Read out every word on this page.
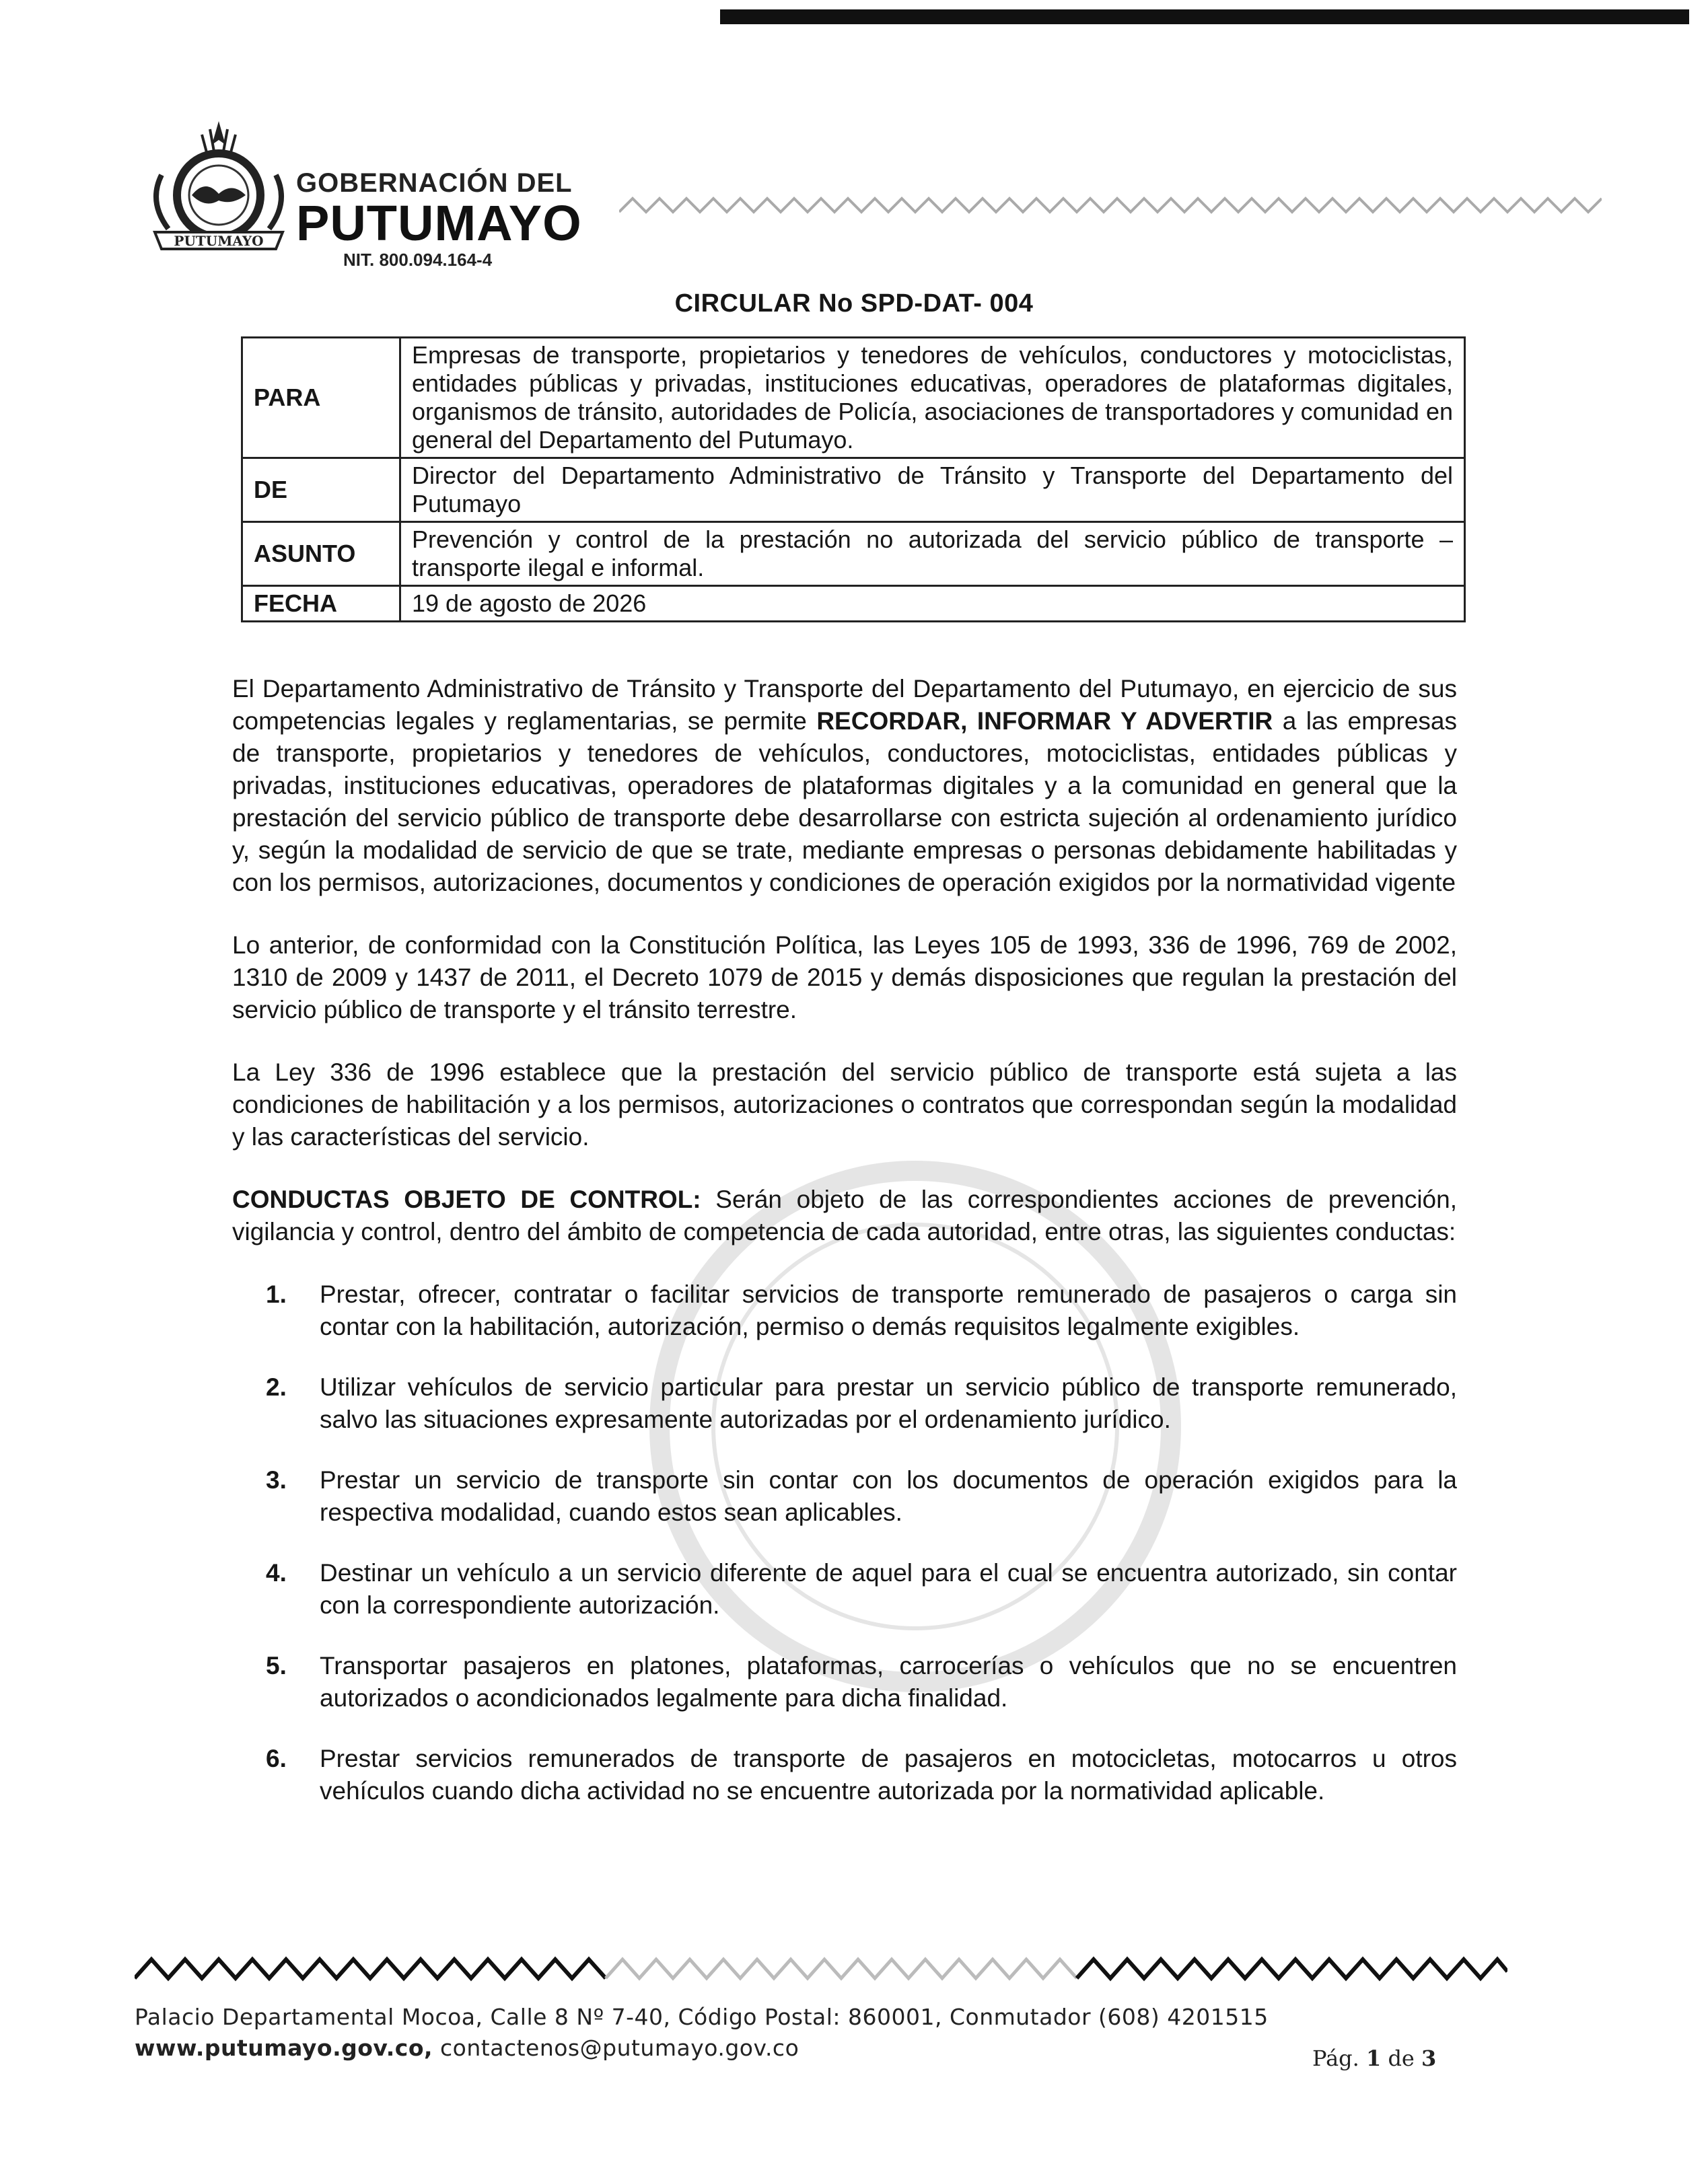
PUTUMAYO
GOBERNACIÓN DEL
PUTUMAYO
NIT. 800.094.164-4
CIRCULAR No SPD-DAT- 004
PARA	Empresas de transporte, propietarios y tenedores de vehículos, conductores y motociclistas, entidades públicas y privadas, instituciones educativas, operadores de plataformas digitales, organismos de tránsito, autoridades de Policía, asociaciones de transportadores y comunidad en general del Departamento del Putumayo.
DE	Director del Departamento Administrativo de Tránsito y Transporte del Departamento del Putumayo
ASUNTO	Prevención y control de la prestación no autorizada del servicio público de transporte – transporte ilegal e informal.
FECHA	19 de agosto de 2026

El Departamento Administrativo de Tránsito y Transporte del Departamento del Putumayo, en ejercicio de sus competencias legales y reglamentarias, se permite RECORDAR, INFORMAR Y ADVERTIR a las empresas de transporte, propietarios y tenedores de vehículos, conductores, motociclistas, entidades públicas y privadas, instituciones educativas, operadores de plataformas digitales y a la comunidad en general que la prestación del servicio público de transporte debe desarrollarse con estricta sujeción al ordenamiento jurídico y, según la modalidad de servicio de que se trate, mediante empresas o personas debidamente habilitadas y con los permisos, autorizaciones, documentos y condiciones de operación exigidos por la normatividad vigente

Lo anterior, de conformidad con la Constitución Política, las Leyes 105 de 1993, 336 de 1996, 769 de 2002, 1310 de 2009 y 1437 de 2011, el Decreto 1079 de 2015 y demás disposiciones que regulan la prestación del servicio público de transporte y el tránsito terrestre.

La Ley 336 de 1996 establece que la prestación del servicio público de transporte está sujeta a las condiciones de habilitación y a los permisos, autorizaciones o contratos que correspondan según la modalidad y las características del servicio.

CONDUCTAS OBJETO DE CONTROL: Serán objeto de las correspondientes acciones de prevención, vigilancia y control, dentro del ámbito de competencia de cada autoridad, entre otras, las siguientes conductas:

1. Prestar, ofrecer, contratar o facilitar servicios de transporte remunerado de pasajeros o carga sin contar con la habilitación, autorización, permiso o demás requisitos legalmente exigibles.
2. Utilizar vehículos de servicio particular para prestar un servicio público de transporte remunerado, salvo las situaciones expresamente autorizadas por el ordenamiento jurídico.
3. Prestar un servicio de transporte sin contar con los documentos de operación exigidos para la respectiva modalidad, cuando estos sean aplicables.
4. Destinar un vehículo a un servicio diferente de aquel para el cual se encuentra autorizado, sin contar con la correspondiente autorización.
5. Transportar pasajeros en platones, plataformas, carrocerías o vehículos que no se encuentren autorizados o acondicionados legalmente para dicha finalidad.
6. Prestar servicios remunerados de transporte de pasajeros en motocicletas, motocarros u otros vehículos cuando dicha actividad no se encuentre autorizada por la normatividad aplicable.
Palacio Departamental Mocoa, Calle 8 Nº 7-40, Código Postal: 860001, Conmutador (608) 4201515
www.putumayo.gov.co, contactenos@putumayo.gov.co	Pág. 1 de 3
